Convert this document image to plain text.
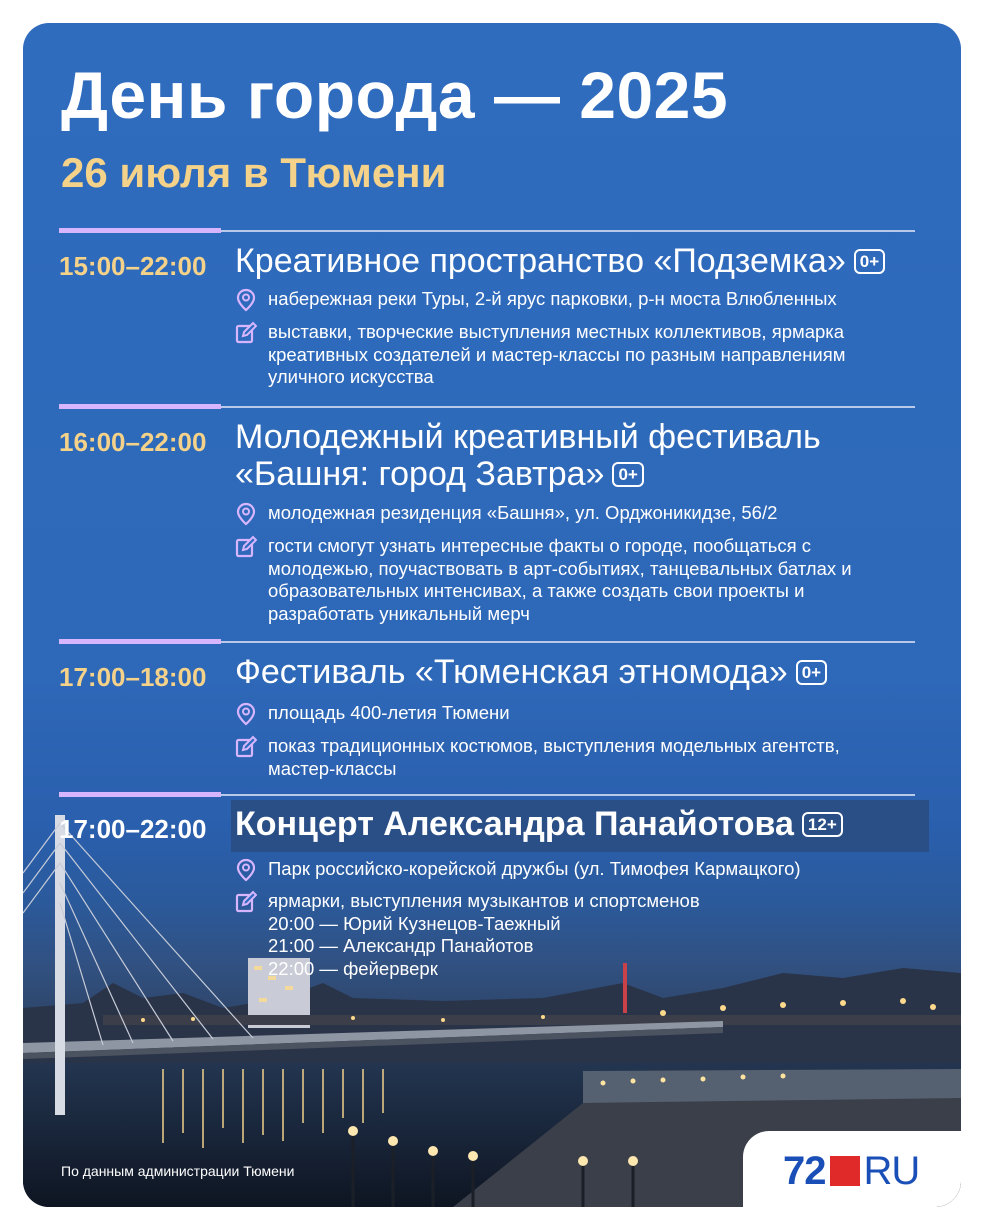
День города — 2025
26 июля в Тюмени
15:00–22:00 Креативное пространство «Подземка» 0+
набережная реки Туры, 2-й ярус парковки, р-н моста Влюбленных
выставки, творческие выступления местных коллективов, ярмарка креативных создателей и мастер-классы по разным направлениям уличного искусства
16:00–22:00 Молодежный креативный фестиваль «Башня: город Завтра» 0+
молодежная резиденция «Башня», ул. Орджоникидзе, 56/2
гости смогут узнать интересные факты о городе, пообщаться с молодежью, поучаствовать в арт-событиях, танцевальных батлах и образовательных интенсивах, а также создать свои проекты и разработать уникальный мерч
17:00–18:00 Фестиваль «Тюменская этномода» 0+
площадь 400-летия Тюмени
показ традиционных костюмов, выступления модельных агентств, мастер-классы
17:00–22:00 Концерт Александра Панайотова 12+
Парк российско-корейской дружбы (ул. Тимофея Кармацкого)
ярмарки, выступления музыкантов и спортсменов
20:00 — Юрий Кузнецов-Таежный
21:00 — Александр Панайотов
22:00 — фейерверк
По данным администрации Тюмени	72 RU
